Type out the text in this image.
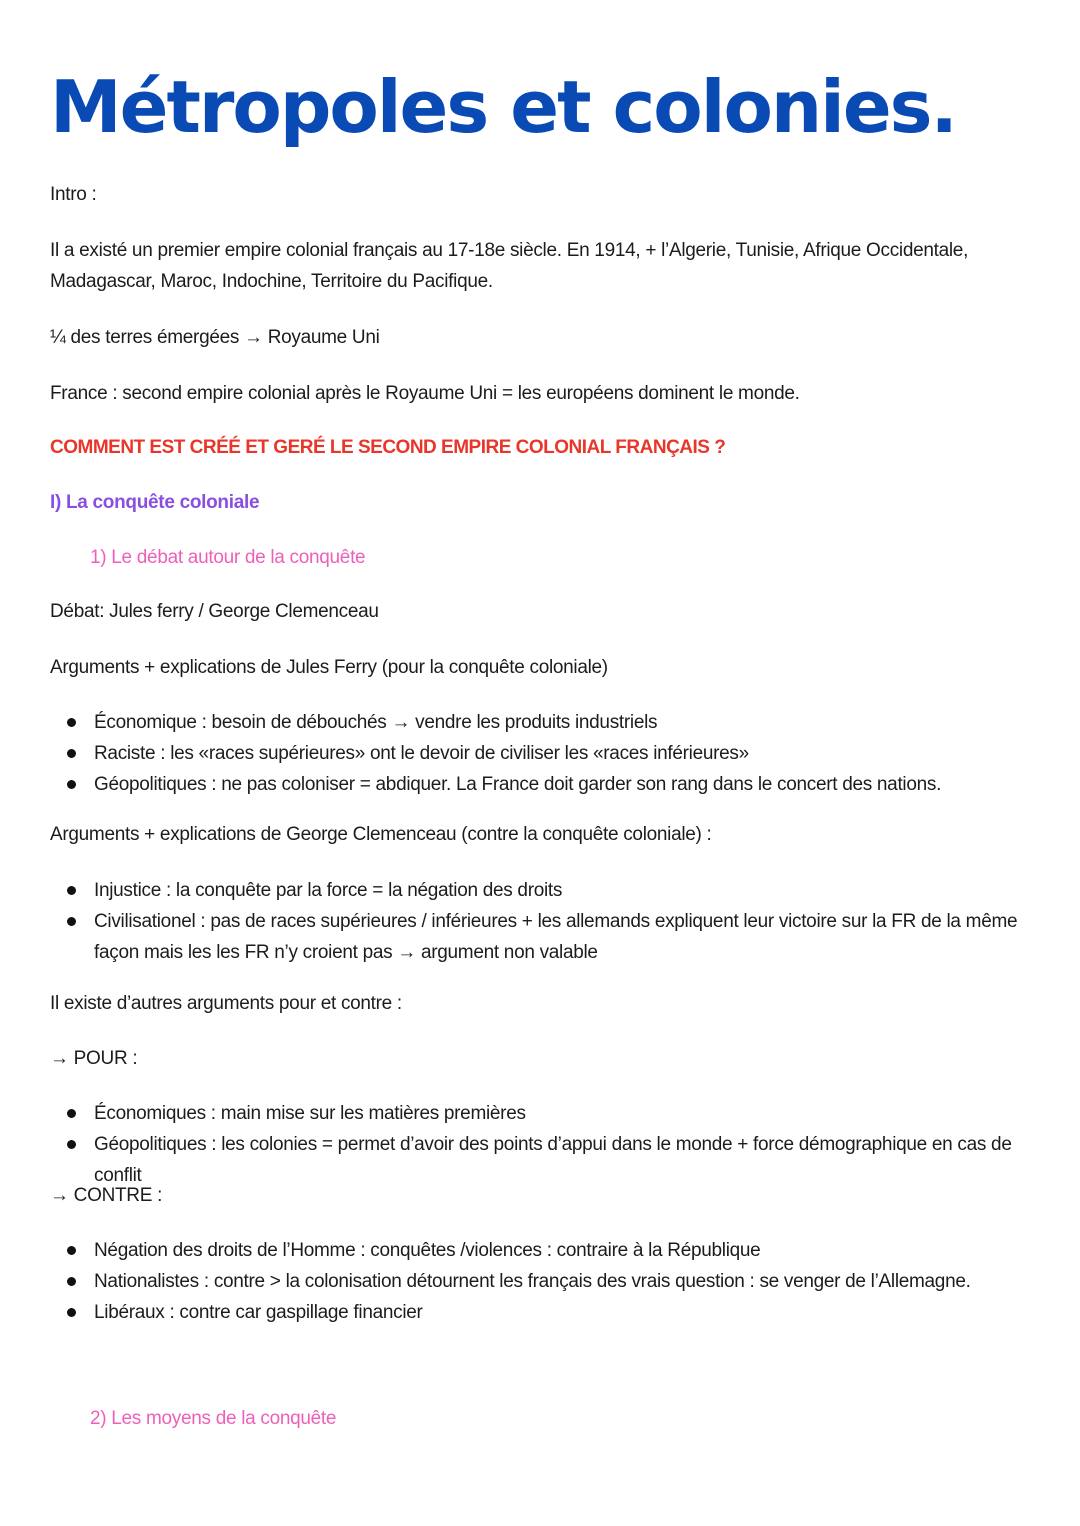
Métropoles et colonies.

Intro :

Il a existé un premier empire colonial français au 17-18e siècle. En 1914, + l’Algerie, Tunisie, Afrique Occidentale, Madagascar, Maroc, Indochine, Territoire du Pacifique.

¼ des terres émergées → Royaume Uni

France : second empire colonial après le Royaume Uni = les européens dominent le monde.

COMMENT EST CRÉÉ ET GERÉ LE SECOND EMPIRE COLONIAL FRANÇAIS ?

I) La conquête coloniale

1) Le débat autour de la conquête

Débat: Jules ferry / George Clemenceau

Arguments + explications de Jules Ferry (pour la conquête coloniale)

Économique : besoin de débouchés → vendre les produits industriels
Raciste : les «races supérieures» ont le devoir de civiliser les «races inférieures»
Géopolitiques : ne pas coloniser = abdiquer. La France doit garder son rang dans le concert des nations.

Arguments + explications de George Clemenceau (contre la conquête coloniale) :

Injustice : la conquête par la force = la négation des droits
Civilisationel : pas de races supérieures / inférieures + les allemands expliquent leur victoire sur la FR de la même façon mais les les FR n’y croient pas → argument non valable

Il existe d’autres arguments pour et contre :

→ POUR :

Économiques : main mise sur les matières premières
Géopolitiques : les colonies = permet d’avoir des points d’appui dans le monde + force démographique en cas de conflit

→ CONTRE :

Négation des droits de l’Homme : conquêtes /violences : contraire à la République
Nationalistes : contre > la colonisation détournent les français des vrais question : se venger de l’Allemagne.
Libéraux : contre car gaspillage financier

2) Les moyens de la conquête
